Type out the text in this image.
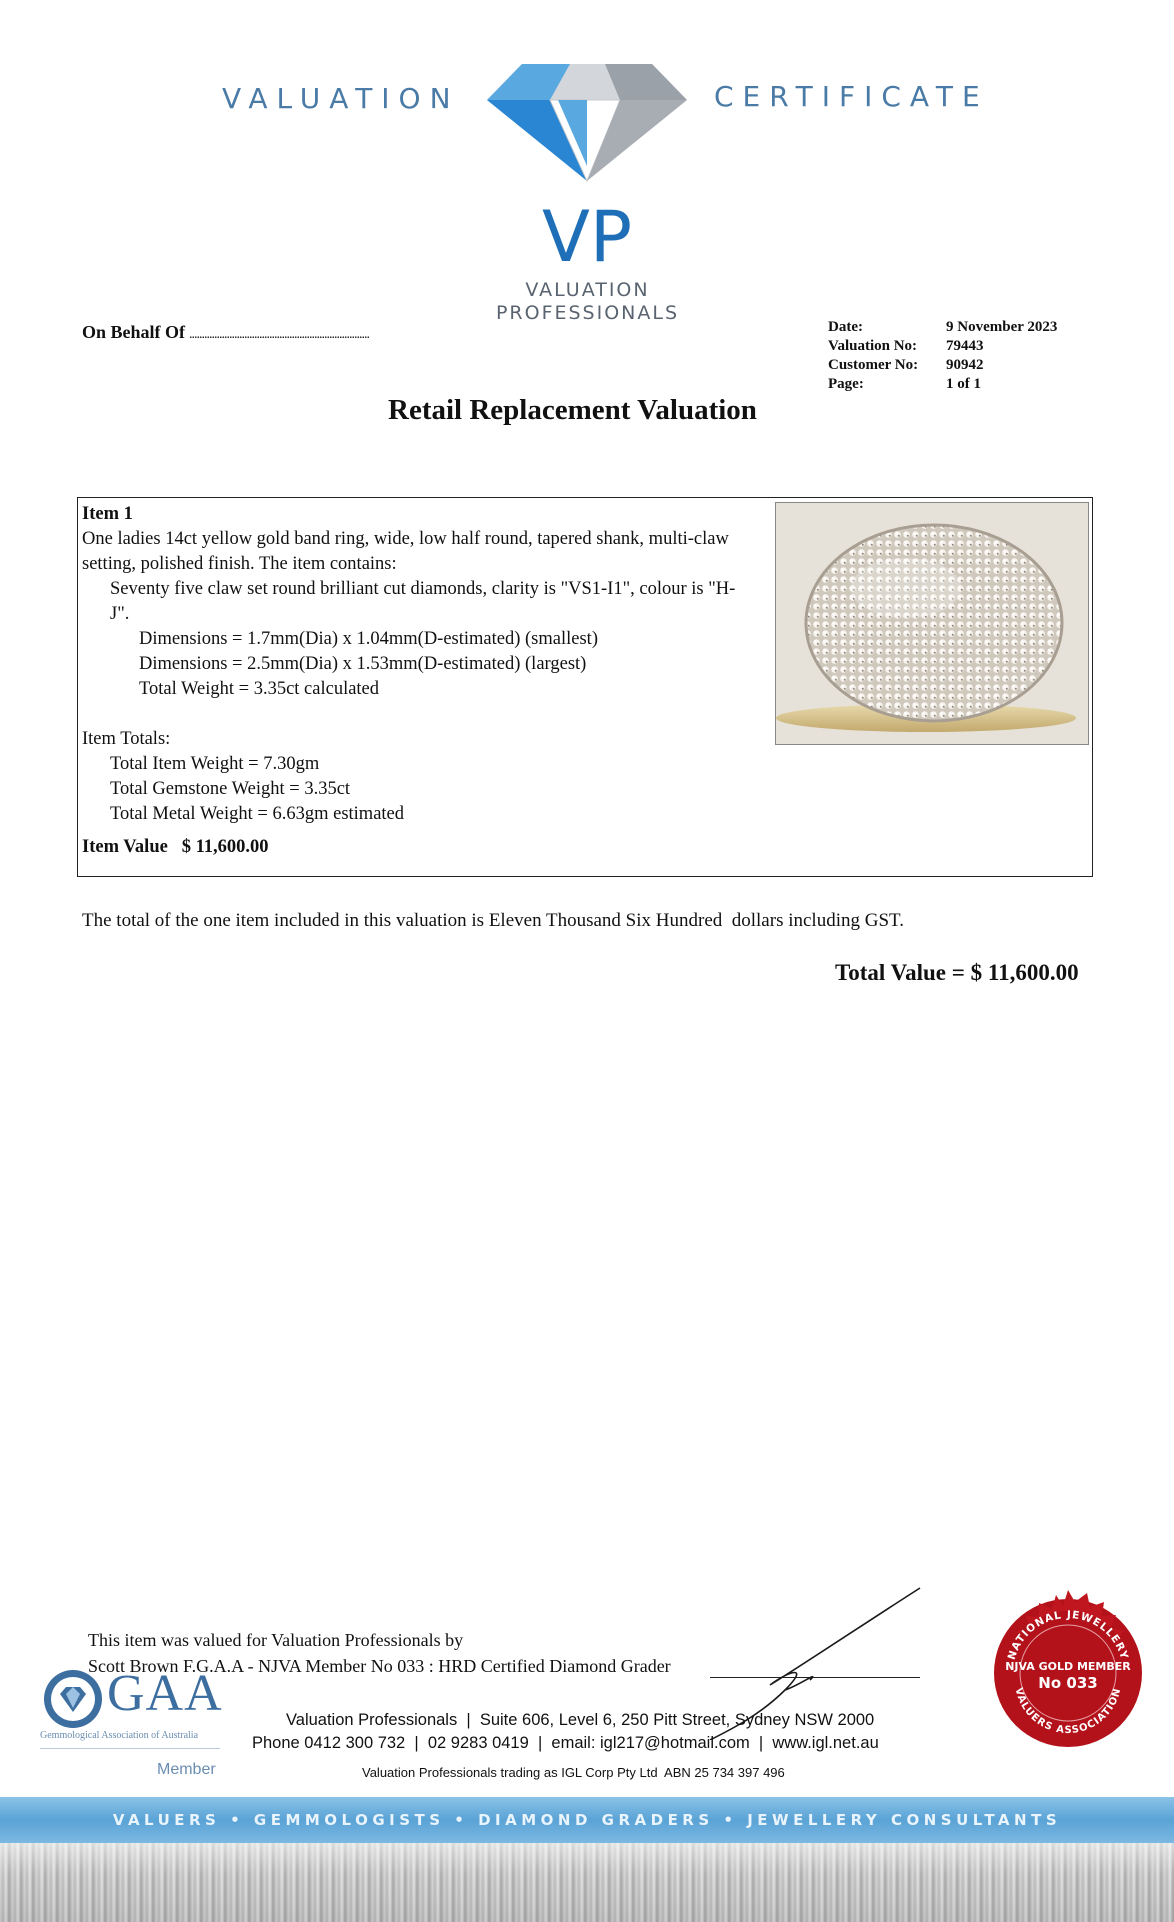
VALUATION	CERTIFICATE
VP
VALUATION
PROFESSIONALS
On Behalf Of ........................................................................	Date:	9 November 2023
Valuation No:	79443
Customer No:	90942
Page:	1 of 1
Retail Replacement Valuation
Item 1
One ladies 14ct yellow gold band ring, wide, low half round, tapered shank, multi-claw
setting, polished finish. The item contains:
Seventy five claw set round brilliant cut diamonds, clarity is "VS1-I1", colour is "H-
J".
Dimensions = 1.7mm(Dia) x 1.04mm(D-estimated) (smallest)
Dimensions = 2.5mm(Dia) x 1.53mm(D-estimated) (largest)
Total Weight = 3.35ct calculated
Item Totals:
Total Item Weight = 7.30gm
Total Gemstone Weight = 3.35ct
Total Metal Weight = 6.63gm estimated
Item Value $ 11,600.00
The total of the one item included in this valuation is Eleven Thousand Six Hundred  dollars including GST.
Total Value = $ 11,600.00
This item was valued for Valuation Professionals by
Scott Brown F.G.A.A - NJVA Member No 033 : HRD Certified Diamond Grader
GAA
Gemmological Association of Australia
Member
Valuation Professionals  |  Suite 606, Level 6, 250 Pitt Street, Sydney NSW 2000
Phone 0412 300 732  |  02 9283 0419  |  email: igl217@hotmail.com  |  www.igl.net.au
Valuation Professionals trading as IGL Corp Pty Ltd  ABN 25 734 397 496
NATIONAL JEWELLERY
VALUERS ASSOCIATION
NJVA GOLD MEMBER
No 033
VALUERS • GEMMOLOGISTS • DIAMOND GRADERS • JEWELLERY CONSULTANTS
